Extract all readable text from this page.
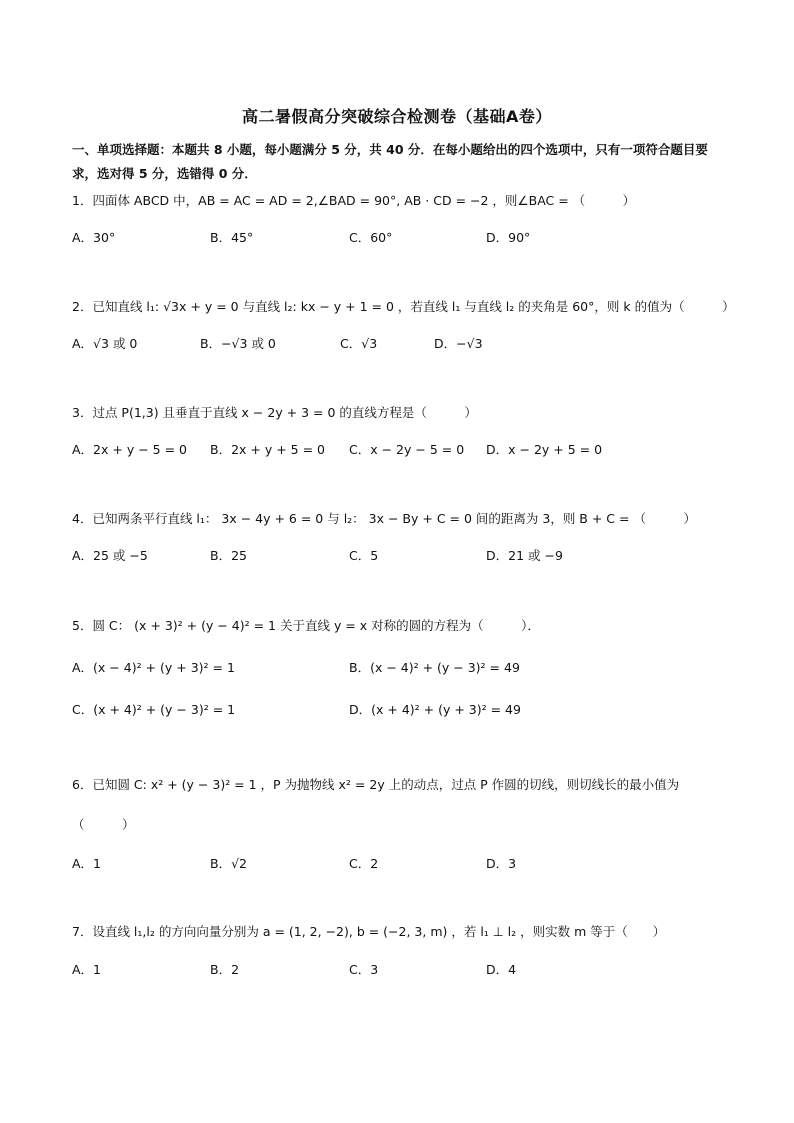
高二暑假高分突破综合检测卷（基础A卷）
一、单项选择题：本题共 8 小题，每小题满分 5 分，共 40 分．在每小题给出的四个选项中，只有一项符合题目要求，选对得 5 分，选错得 0 分．
1．四面体 ABCD 中，AB = AC = AD = 2,∠BAD = 90°, AB · CD = −2 ，则∠BAC = （　　　）
A．30°	B．45°	C．60°	D．90°
2．已知直线 l₁: √3x + y = 0 与直线 l₂: kx − y + 1 = 0 ，若直线 l₁ 与直线 l₂ 的夹角是 60°，则 k 的值为（　　　）
A．√3 或 0	B．−√3 或 0	C．√3	D．−√3
3．过点 P(1,3) 且垂直于直线 x − 2y + 3 = 0 的直线方程是（　　　）
A．2x + y − 5 = 0 B．2x + y + 5 = 0 C．x − 2y − 5 = 0 D．x − 2y + 5 = 0
4．已知两条平行直线 l₁： 3x − 4y + 6 = 0 与 l₂： 3x − By + C = 0 间的距离为 3，则 B + C = （　　　）
A．25 或 −5	B．25	C．5	D．21 或 −9
5．圆 C： (x + 3)² + (y − 4)² = 1 关于直线 y = x 对称的圆的方程为（　　　）．
A．(x − 4)² + (y + 3)² = 1	B．(x − 4)² + (y − 3)² = 49
C．(x + 4)² + (y − 3)² = 1	D．(x + 4)² + (y + 3)² = 49
6．已知圆 C: x² + (y − 3)² = 1 ，P 为抛物线 x² = 2y 上的动点，过点 P 作圆的切线，则切线长的最小值为
（　　　）
A．1	B．√2	C．2	D．3
7．设直线 l₁,l₂ 的方向向量分别为 a = (1, 2, −2), b = (−2, 3, m) ，若 l₁ ⊥ l₂ ，则实数 m 等于（　　）
A．1	B．2	C．3	D．4
